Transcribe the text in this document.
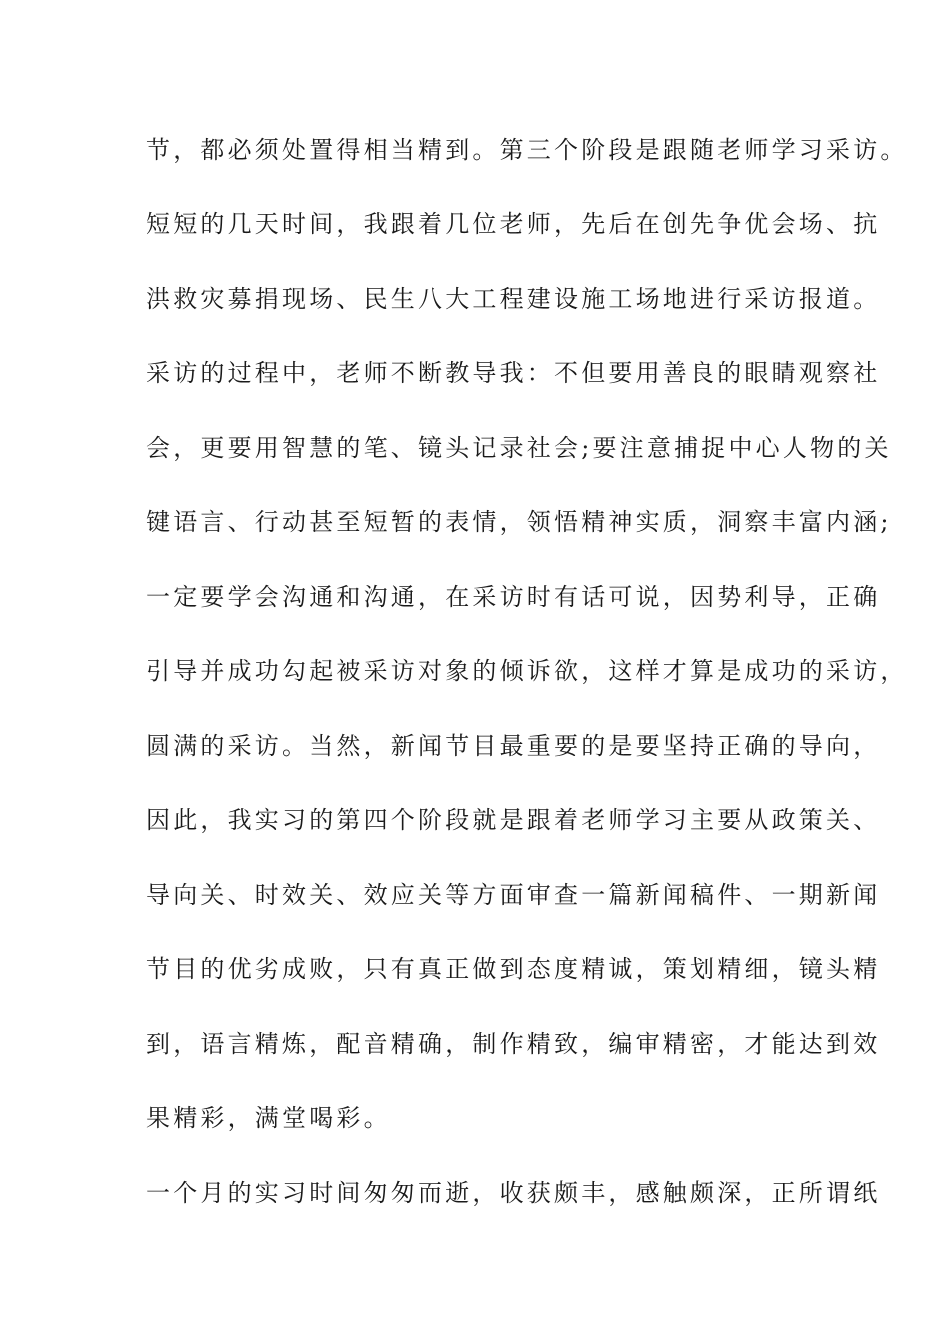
节，都必须处置得相当精到。第三个阶段是跟随老师学习采访。
短短的几天时间，我跟着几位老师，先后在创先争优会场、抗
洪救灾募捐现场、民生八大工程建设施工场地进行采访报道。
采访的过程中，老师不断教导我：不但要用善良的眼睛观察社
会，更要用智慧的笔、镜头记录社会;要注意捕捉中心人物的关
键语言、行动甚至短暂的表情，领悟精神实质，洞察丰富内涵;
一定要学会沟通和沟通，在采访时有话可说，因势利导，正确
引导并成功勾起被采访对象的倾诉欲，这样才算是成功的采访，
圆满的采访。当然，新闻节目最重要的是要坚持正确的导向，
因此，我实习的第四个阶段就是跟着老师学习主要从政策关、
导向关、时效关、效应关等方面审查一篇新闻稿件、一期新闻
节目的优劣成败，只有真正做到态度精诚，策划精细，镜头精
到，语言精炼，配音精确，制作精致，编审精密，才能达到效
果精彩，满堂喝彩。
一个月的实习时间匆匆而逝，收获颇丰，感触颇深，正所谓纸
